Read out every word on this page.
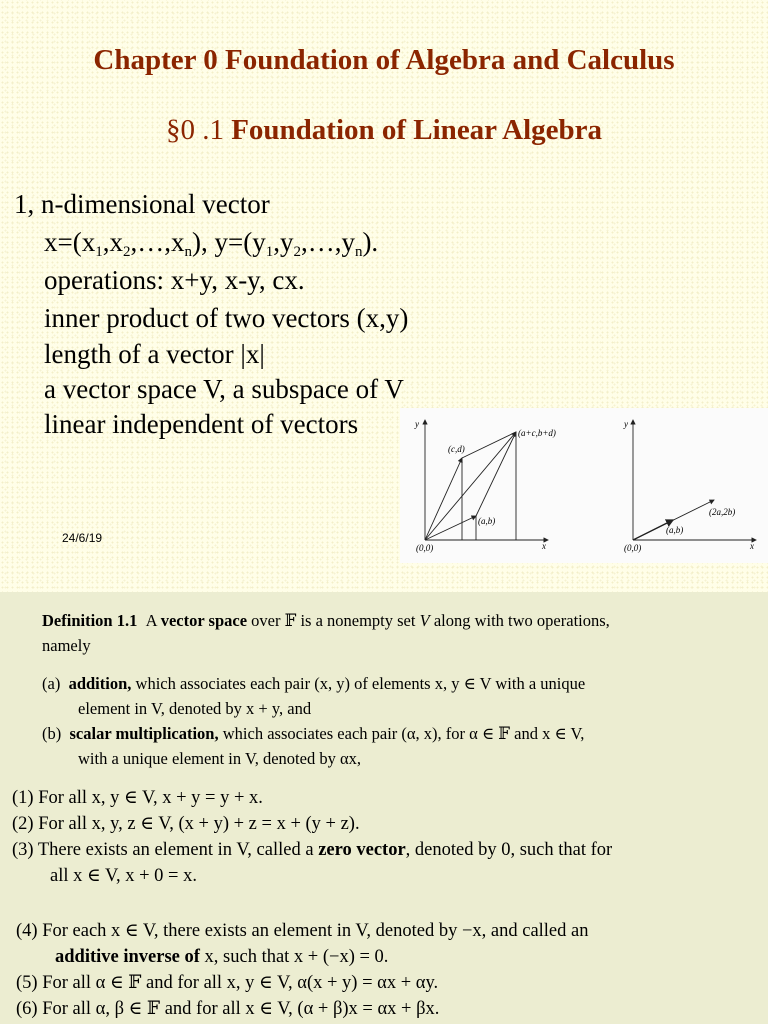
Chapter 0 Foundation of Algebra and Calculus
§0 .1 Foundation of Linear Algebra
1, n-dimensional vector
$x=(x_1,x_2,\dots,x_n)$, $y=(y_1,y_2,\dots,y_n)$.
operations: x+y, x-y, cx.
inner product of two vectors (x,y)
length of a vector |x|
a vector space V, a subspace of V
linear independent of vectors
24/6/19
y
x
(0,0)
(c,d)
(a,b)
(a+c,b+d)
y
x
(0,0)
(a,b)
(2a,2b)
Definition 1.1 A vector space over 𝔽 is a nonempty set V along with two operations,
namely
(a) addition, which associates each pair (x, y) of elements x, y ∈ V with a unique
element in V, denoted by x + y, and
(b) scalar multiplication, which associates each pair (α, x), for α ∈ 𝔽 and x ∈ V,
with a unique element in V, denoted by αx,
(1) For all x, y ∈ V, x + y = y + x.
(2) For all x, y, z ∈ V, (x + y) + z = x + (y + z).
(3) There exists an element in V, called a zero vector, denoted by 0, such that for
all x ∈ V, x + 0 = x.
(4) For each x ∈ V, there exists an element in V, denoted by −x, and called an
additive inverse of x, such that x + (−x) = 0.
(5) For all α ∈ 𝔽 and for all x, y ∈ V, α(x + y) = αx + αy.
(6) For all α, β ∈ 𝔽 and for all x ∈ V, (α + β)x = αx + βx.
